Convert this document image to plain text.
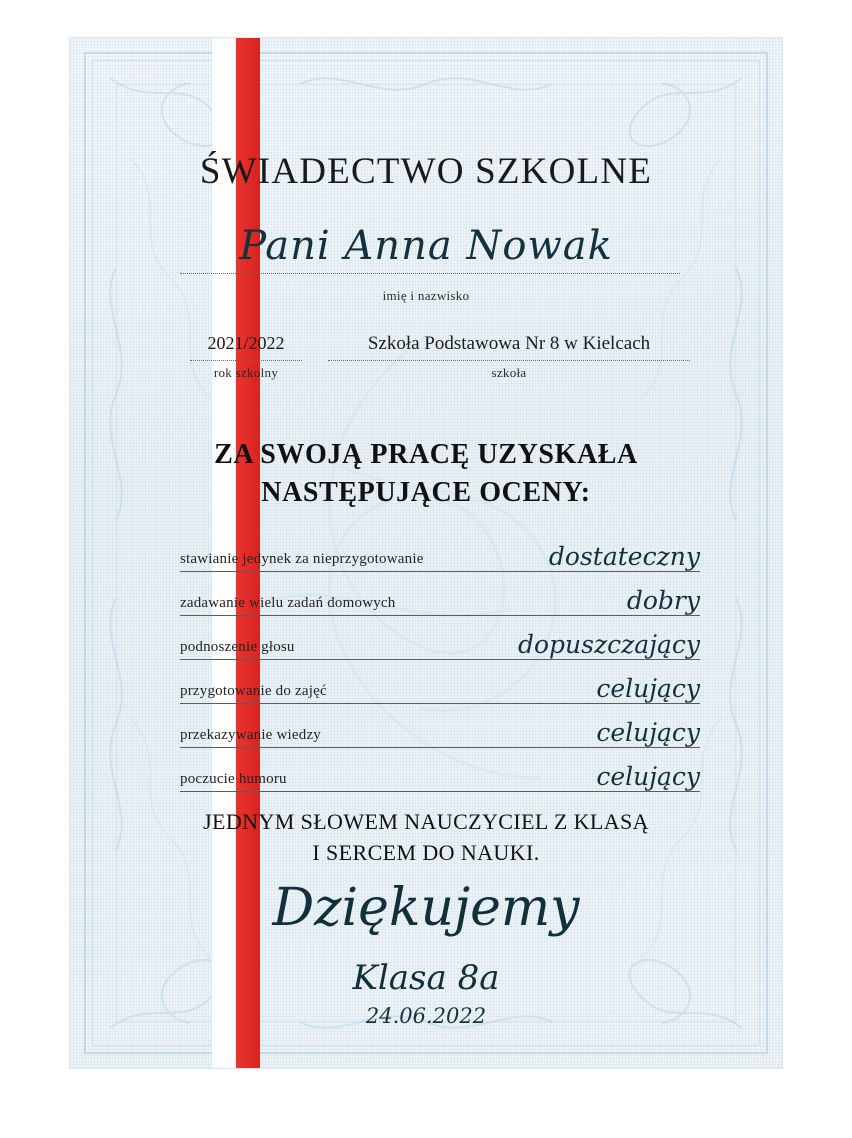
ŚWIADECTWO SZKOLNE
Pani Anna Nowak
imię i nazwisko
2021/2022
rok szkolny
Szkoła Podstawowa Nr 8 w Kielcach
szkoła
ZA SWOJĄ PRACĘ UZYSKAŁA
NASTĘPUJĄCE OCENY:
stawianie jedynek za nieprzygotowanie	dostateczny
zadawanie wielu zadań domowych	dobry
podnoszenie głosu	dopuszczający
przygotowanie do zajęć	celujący
przekazywanie wiedzy	celujący
poczucie humoru	celujący
JEDNYM SŁOWEM NAUCZYCIEL Z KLASĄ
I SERCEM DO NAUKI.
Dziękujemy
Klasa 8a
24.06.2022
